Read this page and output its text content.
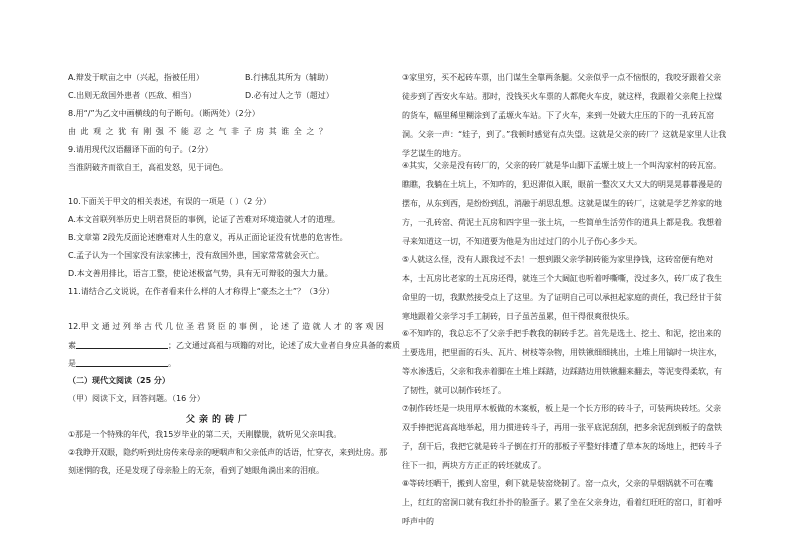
A.辩发于畎亩之中（兴起，指被任用）	B.行拂乱其所为（辅助）
C.出则无敌国外患者（匹敌、相当）	D.必有过人之节（超过）
8.用“/”为乙文中画横线的句子断句。（断两处）（2分）
由 此 观 之 犹 有 刚 强 不 能 忍 之 气 非 子 房 其 谁 全 之 ？
9.请用现代汉语翻译下面的句子。（2分）
当淮阴破齐而欲自王，高祖发怒，见于词色。
10.下面关于甲文的相关表述，有误的一项是（ ）（2 分）
A.本文首联列举历史上明君贤臣的事例，论证了苦难对环境造就人才的道理。
B.文章第 2段先反面论述磨难对人生的意义，再从正面论证没有忧患的危害性。
C.孟子认为一个国家没有法家拂士，没有敌国外患，国家常常就会灭亡。
D.本文善用排比，语言工整，使论述极富气势，具有无可辩驳的强大力量。
11.请结合乙文说说，在作者看来什么样的人才称得上“豪杰之士”？（3分）
12.甲 文 通 过 列 举 古 代 几 位 圣 君 贤 臣 的 事 例 ， 论 述 了 造 就 人 才 的 客 观 因
素	；乙文通过高祖与项籍的对比，论述了成大业者自身应具备的素质
是	。
（二）现代文阅读（25 分）
（甲）阅读下文，回答问题。（16 分）
父亲的砖厂
①那是一个特殊的年代，我15岁毕业的第二天，天刚朦胧，就听见父亲叫我。
②我睁开双眼，隐约听到灶房传来母亲的哽咽声和父亲低声的话语，忙穿衣，来到灶房。那
刻迷惘的我，还是发现了母亲脸上的无奈，看到了她眼角淌出来的泪痕。
③家里穷，买不起砖车票，出门谋生全靠两条腿。父亲似乎一点不恼恨的，我咬牙跟着父亲徒步到了西安火车站。那时，没钱买火车票的人都爬火车皮，就这样，我跟着父亲爬上拉煤的货车，幅里稀里糊涂到了孟塬火车站。下了火车，来到一处破大庄压的下的一孔砖瓦窑洞。父亲一声：“娃子，到了。”我顿时感觉有点失望。这就是父亲的砖厂？这就是家里人让我学艺谋生的地方。
④其实，父亲是没有砖厂的，父亲的砖厂就是华山脚下孟塬土坡上一个叫沟家村的砖瓦窑。瞧瞧，我躺在土坑上，不知咋的，犯迟滞似入眠，眼前一整次又大又大的明晃晃暮暮漫是的摆布，从东到西，是纷纷到乱，消融于胡思乱想。这就是谋生的砖厂，这就是学艺养家的地方，一孔砖窑、荷泥土瓦房和四字里一张土坑，一些简单生活劳作的道具上都是我。我想着寻来知道这一切，不知道要为他是为出过过门的小儿子伤心多少天。
⑤人就这么怪，没有人跟我过不去！一想到跟父亲学制砖能为家里挣钱，这砖窑便有绝对本，士瓦房比老家的土瓦房还得，就连三个大阔缸也听着呼嘶嘶，没过多久，砖厂成了我生命里的一切，我默然接受点上了这里。为了证明自己可以承担起家庭的责任，我已经甘于贫寒地跟着父亲学习手工制砖，日子虽苦虽累，但干得很爽很快乐。
⑥不知咋的，我总忘不了父亲手把手教我的制砖手艺。首先是选土、挖土、和泥，挖出来的土要选用，把里面的石头、瓦片、树枝等杂物，用铁锹细细挑出，土堆上用镐时一块注水，等水渗透后，父亲和我赤着脚在土堆上踩踏，边踩踏边用铁锹翻来翻去，等泥变得柔软，有了韧性，就可以制作砖坯了。
⑦制作砖坯是一块用厚木板做的木案板，板上是一个长方形的砖斗子，可装两块砖坯。父亲双手捧把泥高高地举起，用力掼进砖斗子，再用一张平底泥刮刮，把多余泥刮到板子的盘铁子，刮干后，我把它就是砖斗子倒在打开的那板子平整好排遭了草本灰的场地上，把砖斗子往下一扣，两块方方正正的砖坯就成了。
⑧等砖坯晒干，搬到人窑里，剩下就是装窑烧制了。窑一点火，父亲的旱烟锅就不可在嘴上，红红的窑洞口就有我红扑扑的脸蛋子。累了坐在父亲身边，看着红旺旺的窑口，盯着呼呼声中的
